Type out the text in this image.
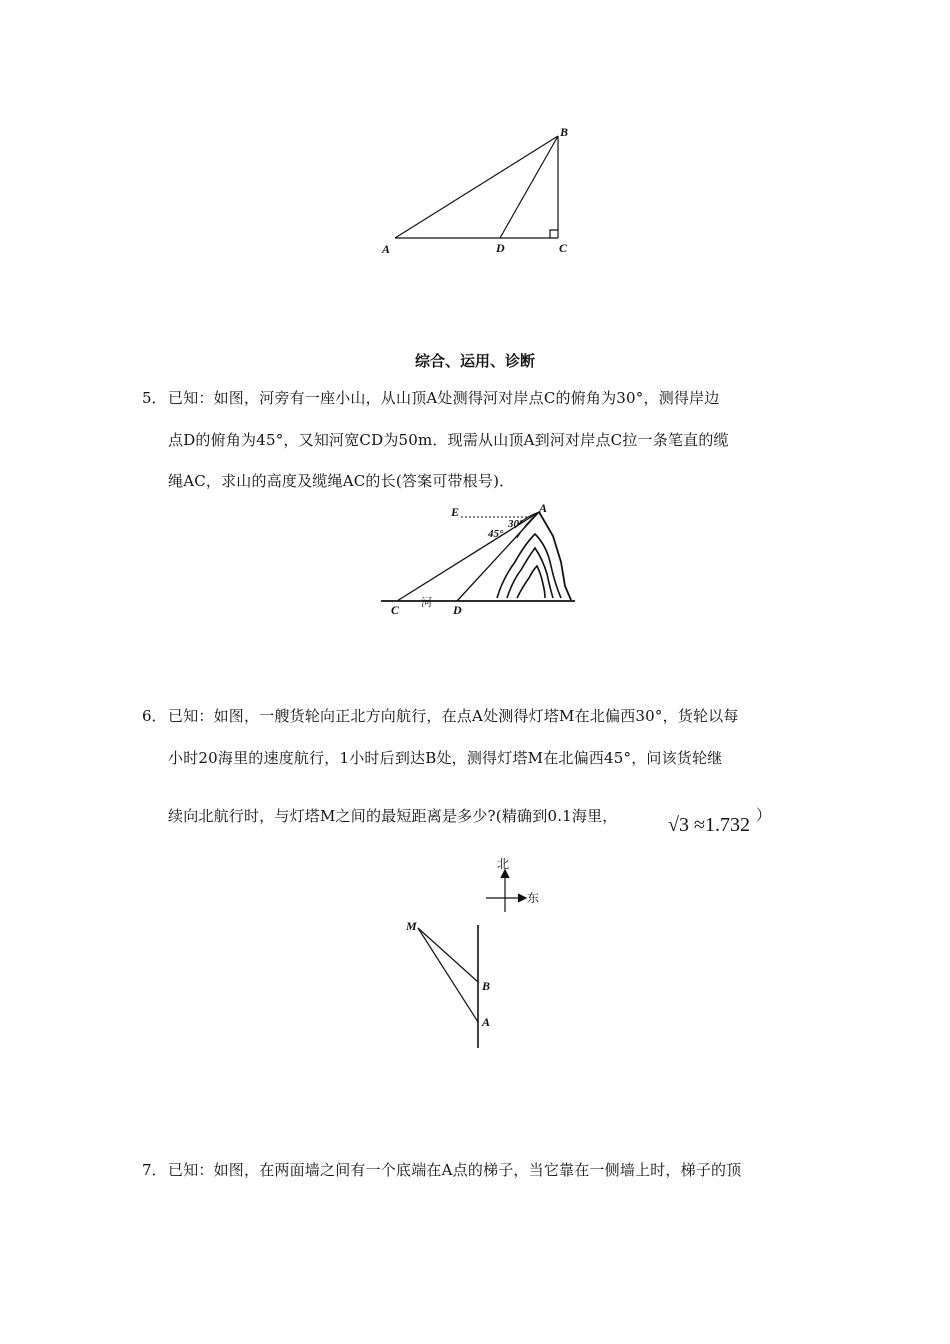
B
A	D	C
综合、运用、诊断
5． 已知：如图，河旁有一座小山，从山顶A处测得河对岸点C的俯角为30°，测得岸边
点D的俯角为45°，又知河宽CD为50m．现需从山顶A到河对岸点C拉一条笔直的缆
绳AC，求山的高度及缆绳AC的长(答案可带根号)．
E	A
30°
45°
C	D
河
6． 已知：如图，一艘货轮向正北方向航行，在点A处测得灯塔M在北偏西30°，货轮以每
小时20海里的速度航行，1小时后到达B处，测得灯塔M在北偏西45°，问该货轮继
续向北航行时，与灯塔M之间的最短距离是多少?(精确到0.1海里，	√3 ≈1.732 ）
北
东
M
B
A
7． 已知：如图，在两面墙之间有一个底端在A点的梯子，当它靠在一侧墙上时，梯子的顶
